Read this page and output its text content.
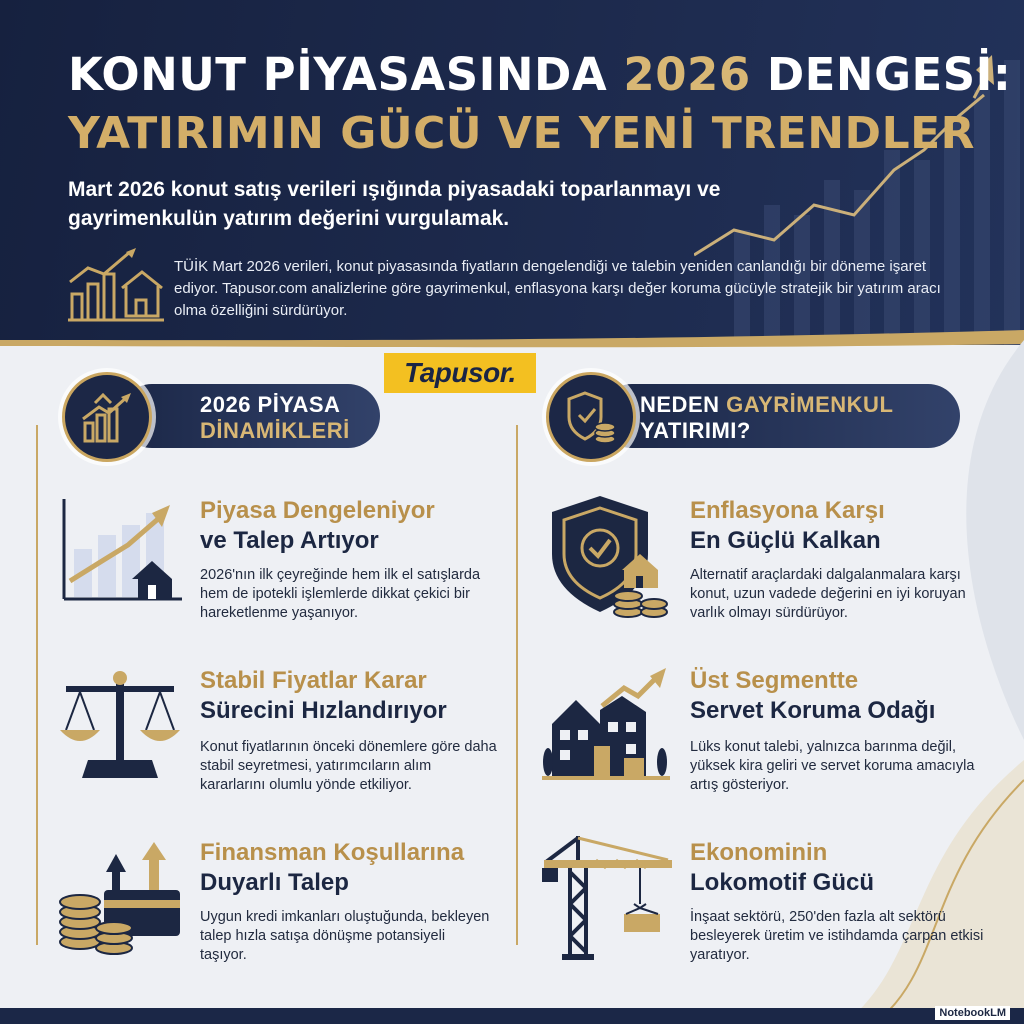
KONUT PİYASASINDA 2026 DENGESİ:
YATIRIMIN GÜCÜ VE YENİ TRENDLER
Mart 2026 konut satış verileri ışığında piyasadaki toparlanmayı ve gayrimenkulün yatırım değerini vurgulamak.
TÜİK Mart 2026 verileri, konut piyasasında fiyatların dengelendiği ve talebin yeniden canlandığı bir döneme işaret ediyor. Tapusor.com analizlerine göre gayrimenkul, enflasyona karşı değer koruma gücüyle stratejik bir yatırım aracı olma özelliğini sürdürüyor.
Tapusor.
2026 PİYASA
DİNAMİKLERİ
Piyasa Dengeleniyor
ve Talep Artıyor
2026'nın ilk çeyreğinde hem ilk el satışlarda hem de ipotekli işlemlerde dikkat çekici bir hareketlenme yaşanıyor.
Stabil Fiyatlar Karar
Sürecini Hızlandırıyor
Konut fiyatlarının önceki dönemlere göre daha stabil seyretmesi, yatırımcıların alım kararlarını olumlu yönde etkiliyor.
Finansman Koşullarına
Duyarlı Talep
Uygun kredi imkanları oluştuğunda, bekleyen talep hızla satışa dönüşme potansiyeli taşıyor.
NEDEN GAYRİMENKUL
YATIRIMI?
Enflasyona Karşı
En Güçlü Kalkan
Alternatif araçlardaki dalgalanmalara karşı konut, uzun vadede değerini en iyi koruyan varlık olmayı sürdürüyor.
Üst Segmentte
Servet Koruma Odağı
Lüks konut talebi, yalnızca barınma değil, yüksek kira geliri ve servet koruma amacıyla artış gösteriyor.
Ekonominin
Lokomotif Gücü
İnşaat sektörü, 250'den fazla alt sektörü besleyerek üretim ve istihdamda çarpan etkisi yaratıyor.
NotebookLM
